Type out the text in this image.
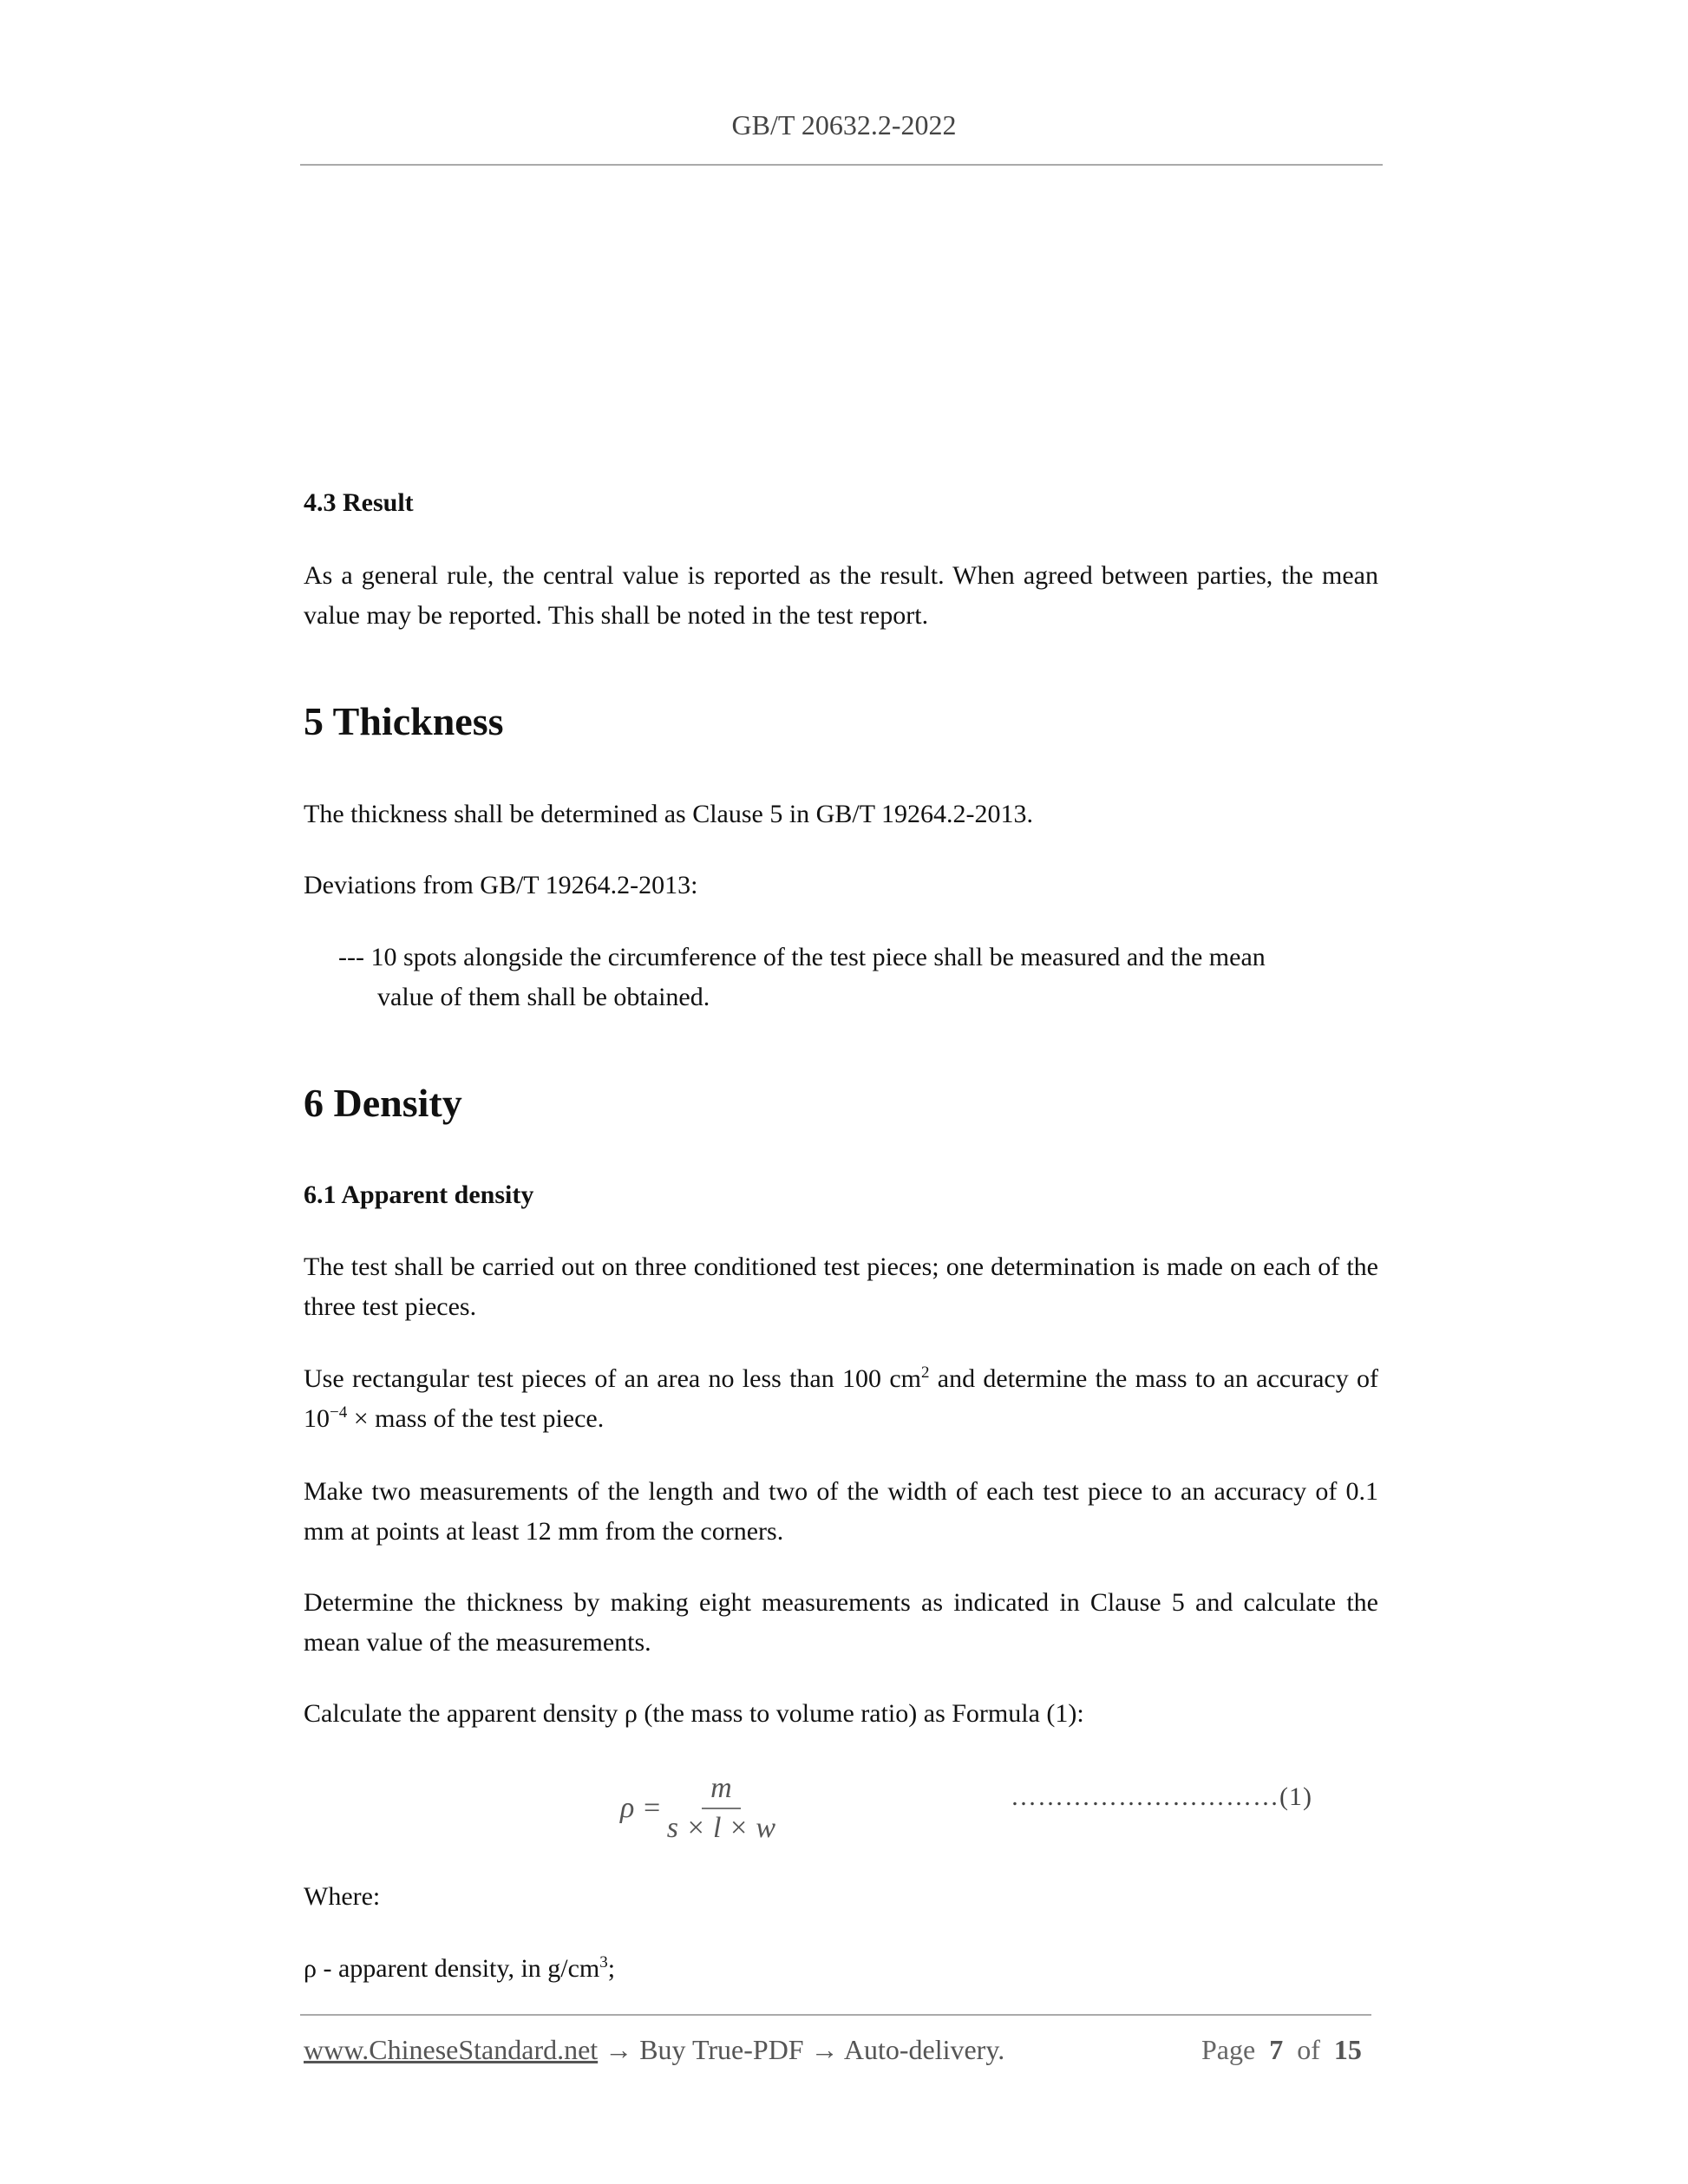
GB/T 20632.2-2022
4.3 Result
As a general rule, the central value is reported as the result. When agreed between parties, the mean value may be reported. This shall be noted in the test report.
5 Thickness
The thickness shall be determined as Clause 5 in GB/T 19264.2-2013.
Deviations from GB/T 19264.2-2013:
--- 10 spots alongside the circumference of the test piece shall be measured and the mean
value of them shall be obtained.
6 Density
6.1 Apparent density
The test shall be carried out on three conditioned test pieces; one determination is made on each of the three test pieces.
Use rectangular test pieces of an area no less than 100 $cm^2$ and determine the mass to an accuracy of $10^{-4}$ × mass of the test piece.
Make two measurements of the length and two of the width of each test piece to an accuracy of 0.1 mm at points at least 12 mm from the corners.
Determine the thickness by making eight measurements as indicated in Clause 5 and calculate the mean value of the measurements.
Calculate the apparent density ρ (the mass to volume ratio) as Formula (1):
$\rho = \frac{m}{s \times l \times w}$	…………………………(1)
Where:
ρ - apparent density, in $g/cm^3$;
www.ChineseStandard.net → Buy True-PDF → Auto-delivery.	Page 7 of 15
